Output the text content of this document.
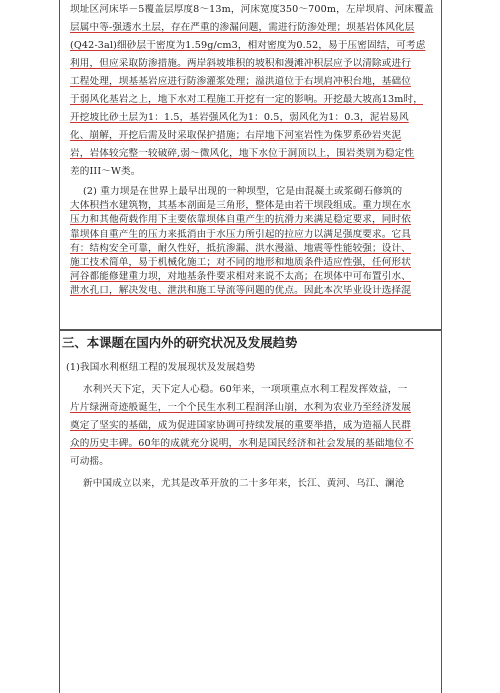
坝址区河床毕－5覆盖层厚度8～13m，河床宽度350～700m，左岸坝肩、河床覆盖
层属中等-强透水土层，存在严重的渗漏问题，需进行防渗处理；坝基岩体风化层
(Q42-3al)细砂层干密度为1.59g/cm3，相对密度为0.52，易于压密固结，可考虑
利用，但应采取防渗措施。两岸斜坡堆积的坡积和漫滩冲积层应予以清除或进行
工程处理，坝基基岩应进行防渗灌浆处理；溢洪道位于右坝肩冲积台地，基础位
于弱风化基岩之上，地下水对工程施工开挖有一定的影响。开挖最大坡高13m时，
开挖坡比砂土层为1：1.5，基岩强风化为1：0.5，弱风化为1：0.3，泥岩易风
化、崩解，开挖后需及时采取保护措施；右岸地下河室岩性为侏罗系砂岩夹泥
岩，岩体较完整一较破碎,弱～微风化，地下水位于洞顶以上，围岩类别为稳定性
差的III～W类。
(2) 重力坝是在世界上最早出现的一种坝型，它是由混凝土或浆砌石修筑的
大体积挡水建筑物，其基本剖面是三角形，整体是由若干坝段组成。重力坝在水
压力和其他荷载作用下主要依靠坝体自重产生的抗滑力来满足稳定要求，同时依
靠坝体自重产生的压力来抵消由于水压力所引起的拉应力以满足强度要求。它具
有：结构安全可靠，耐久性好，抵抗渗漏、洪水漫溢、地震等性能较强；设计、
施工技术简单，易于机械化施工；对不同的地形和地质条件适应性强，任何形状
河谷都能修建重力坝，对地基条件要求相对来说不太高；在坝体中可布置引水、
泄水孔口，解决发电、泄洪和施工导流等问题的优点。因此本次毕业设计选择混
三、本课题在国内外的研究状况及发展趋势
(1)我国水利枢纽工程的发展现状及发展趋势
水利兴天下定，天下定人心稳。60年来，一项项重点水利工程发挥效益，一
片片绿洲奇迹般诞生，一个个民生水利工程润泽山崩，水利为农业乃至经济发展
奠定了坚实的基础，成为促进国家协调可持续发展的重要举措，成为造福人民群
众的历史丰碑。60年的成就充分说明，水利是国民经济和社会发展的基础地位不
可动摇。
新中国成立以来，尤其是改革开放的二十多年来，长江、黄河、乌江、澜沧
